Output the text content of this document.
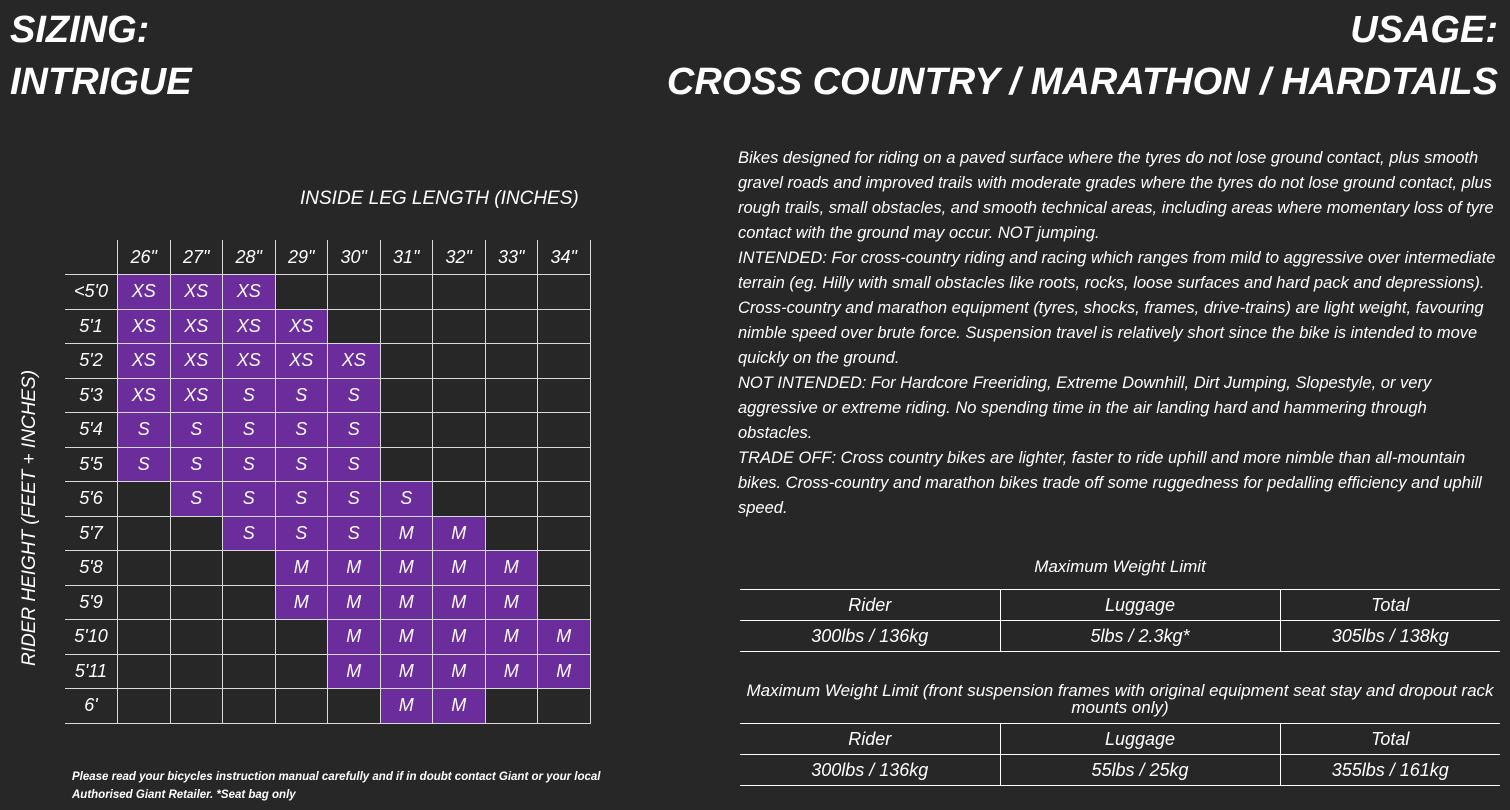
SIZING:
INTRIGUE
USAGE:
CROSS COUNTRY / MARATHON / HARDTAILS
INSIDE LEG LENGTH (INCHES)
RIDER HEIGHT (FEET + INCHES)
	26"	27"	28"	29"	30"	31"	32"	33"	34"
<5'0	XS	XS	XS						
5'1	XS	XS	XS	XS					
5'2	XS	XS	XS	XS	XS				
5'3	XS	XS	S	S	S				
5'4	S	S	S	S	S				
5'5	S	S	S	S	S				
5'6		S	S	S	S	S			
5'7			S	S	S	M	M		
5'8				M	M	M	M	M	
5'9				M	M	M	M	M	
5'10					M	M	M	M	M
5'11					M	M	M	M	M
6'						M	M		
Please read your bicycles instruction manual carefully and if in doubt contact Giant or your local Authorised Giant Retailer. *Seat bag only

Bikes designed for riding on a paved surface where the tyres do not lose ground contact, plus smooth gravel roads and improved trails with moderate grades where the tyres do not lose ground contact, plus rough trails, small obstacles, and smooth technical areas, including areas where momentary loss of tyre contact with the ground may occur. NOT jumping.

INTENDED: For cross-country riding and racing which ranges from mild to aggressive over intermediate terrain (eg. Hilly with small obstacles like roots, rocks, loose surfaces and hard pack and depressions). Cross-country and marathon equipment (tyres, shocks, frames, drive-trains) are light weight, favouring nimble speed over brute force. Suspension travel is relatively short since the bike is intended to move quickly on the ground.

NOT INTENDED: For Hardcore Freeriding, Extreme Downhill, Dirt Jumping, Slopestyle, or very aggressive or extreme riding. No spending time in the air landing hard and hammering through obstacles.

TRADE OFF: Cross country bikes are lighter, faster to ride uphill and more nimble than all-mountain bikes. Cross-country and marathon bikes trade off some ruggedness for pedalling efficiency and uphill speed.

Maximum Weight Limit
Rider	Luggage	Total
300lbs / 136kg	5lbs / 2.3kg*	305lbs / 138kg
Maximum Weight Limit (front suspension frames with original equipment seat stay and dropout rack mounts only)
Rider	Luggage	Total
300lbs / 136kg	55lbs / 25kg	355lbs / 161kg
